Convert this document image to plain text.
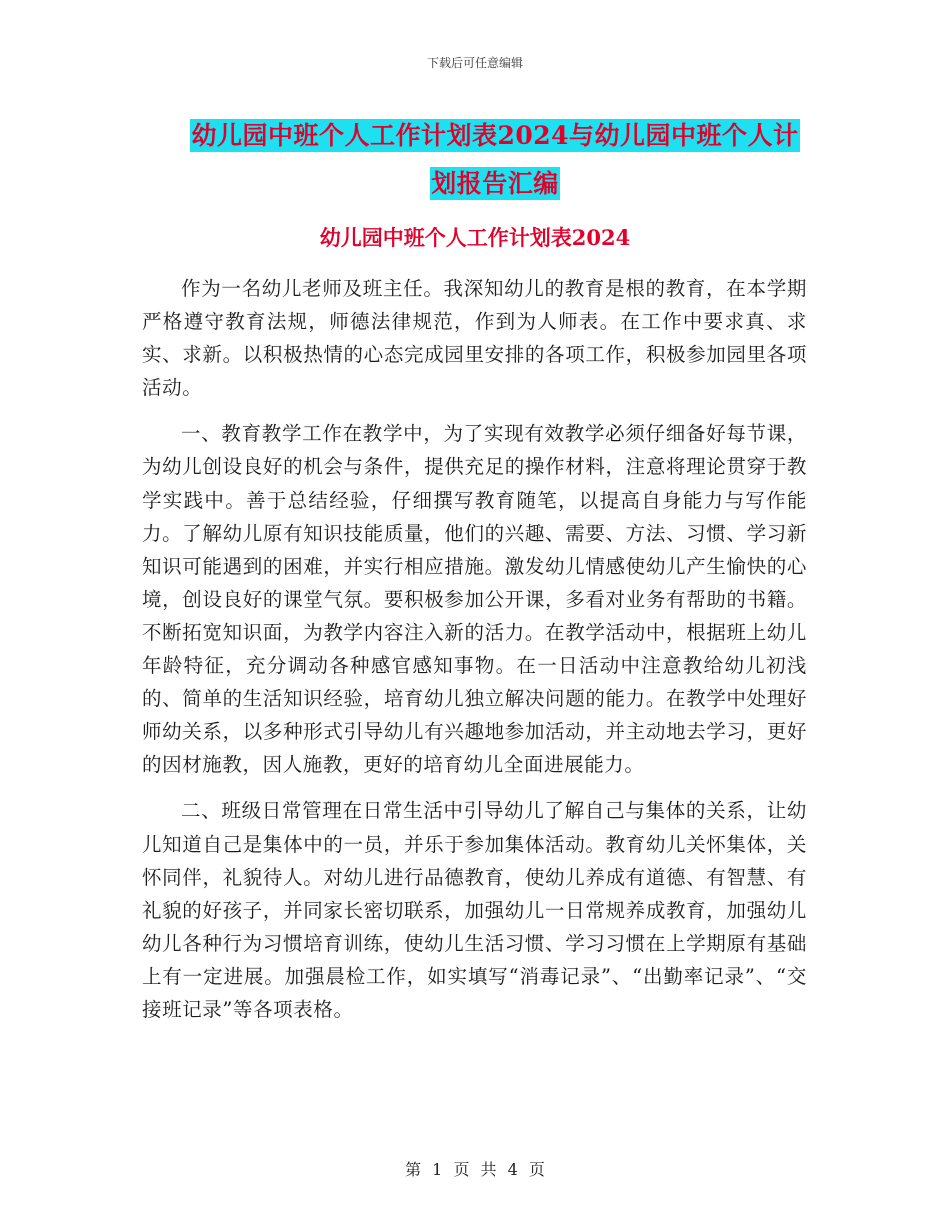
下载后可任意编辑
幼儿园中班个人工作计划表2024与幼儿园中班个人计
划报告汇编
幼儿园中班个人工作计划表2024

作为一名幼儿老师及班主任。我深知幼儿的教育是根的教育，在本学期严格遵守教育法规，师德法律规范，作到为人师表。在工作中要求真、求实、求新。以积极热情的心态完成园里安排的各项工作，积极参加园里各项活动。

一、教育教学工作在教学中，为了实现有效教学必须仔细备好每节课，为幼儿创设良好的机会与条件，提供充足的操作材料，注意将理论贯穿于教学实践中。善于总结经验，仔细撰写教育随笔，以提高自身能力与写作能力。了解幼儿原有知识技能质量，他们的兴趣、需要、方法、习惯、学习新知识可能遇到的困难，并实行相应措施。激发幼儿情感使幼儿产生愉快的心境，创设良好的课堂气氛。要积极参加公开课，多看对业务有帮助的书籍。不断拓宽知识面，为教学内容注入新的活力。在教学活动中，根据班上幼儿年龄特征，充分调动各种感官感知事物。在一日活动中注意教给幼儿初浅的、简单的生活知识经验，培育幼儿独立解决问题的能力。在教学中处理好师幼关系，以多种形式引导幼儿有兴趣地参加活动，并主动地去学习，更好的因材施教，因人施教，更好的培育幼儿全面进展能力。

二、班级日常管理在日常生活中引导幼儿了解自己与集体的关系，让幼儿知道自己是集体中的一员，并乐于参加集体活动。教育幼儿关怀集体，关怀同伴，礼貌待人。对幼儿进行品德教育，使幼儿养成有道德、有智慧、有礼貌的好孩子，并同家长密切联系，加强幼儿一日常规养成教育，加强幼儿幼儿各种行为习惯培育训练，使幼儿生活习惯、学习习惯在上学期原有基础上有一定进展。加强晨检工作，如实填写“消毒记录”、“出勤率记录”、“交接班记录”等各项表格。

第 1 页 共 4 页
